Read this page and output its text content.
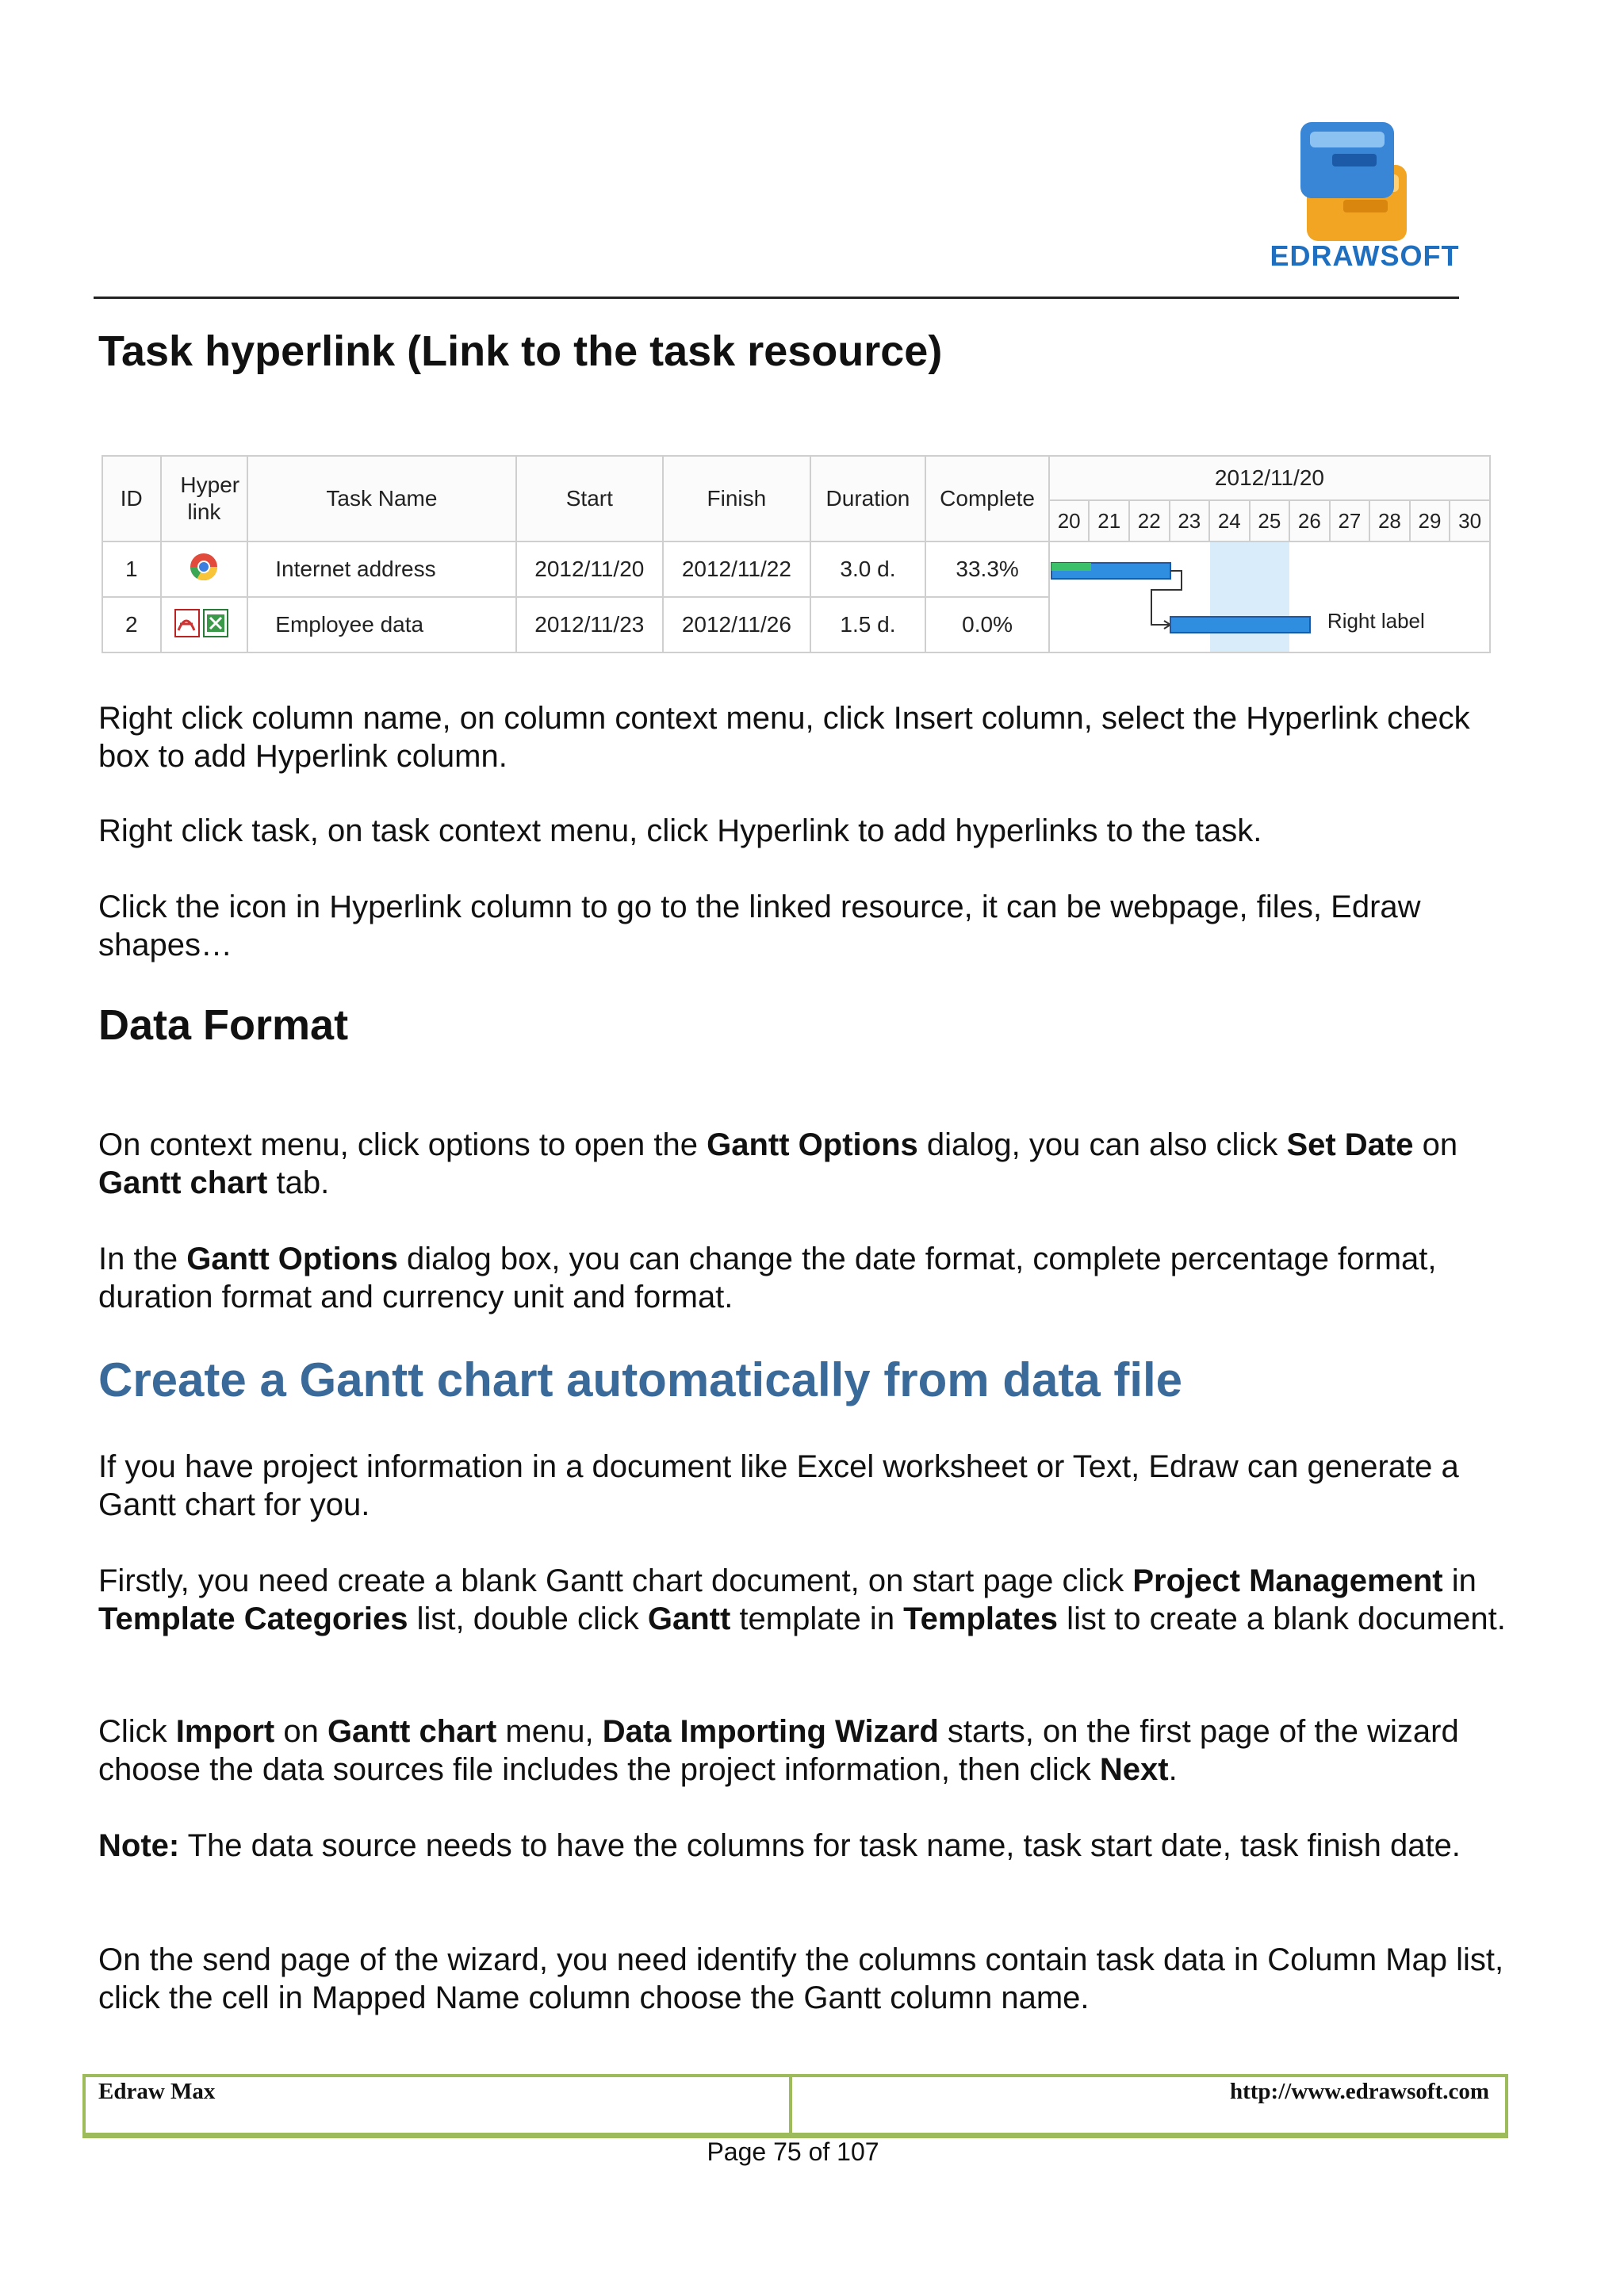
EDRAWSOFT
Task hyperlink (Link to the task resource)
ID	Hyper link	Task Name	Start	Finish	Duration	Complete	2012/11/20										
							20	21	22	23	24	25	26	27	28	29	30
1		Internet address	2012/11/20	2012/11/22	3.0 d.	33.3%	Right label										

2		Employee data	2012/11/23	2012/11/26	1.5 d.	0.0%											

Right click column name, on column context menu, click Insert column, select the Hyperlink check box to add Hyperlink column.

Right click task, on task context menu, click Hyperlink to add hyperlinks to the task.

Click the icon in Hyperlink column to go to the linked resource, it can be webpage, files, Edraw shapes…

Data Format

On context menu, click options to open the Gantt Options dialog, you can also click Set Date on Gantt chart tab.

In the Gantt Options dialog box, you can change the date format, complete percentage format, duration format and currency unit and format.

Create a Gantt chart automatically from data file

If you have project information in a document like Excel worksheet or Text, Edraw can generate a Gantt chart for you.

Firstly, you need create a blank Gantt chart document, on start page click Project Management in Template Categories list, double click Gantt template in Templates list to create a blank document.

Click Import on Gantt chart menu, Data Importing Wizard starts, on the first page of the wizard choose the data sources file includes the project information, then click Next.

Note: The data source needs to have the columns for task name, task start date, task finish date.

On the send page of the wizard, you need identify the columns contain task data in Column Map list, click the cell in Mapped Name column choose the Gantt column name.

Edraw Max	http://www.edrawsoft.com
Page 75 of 107
